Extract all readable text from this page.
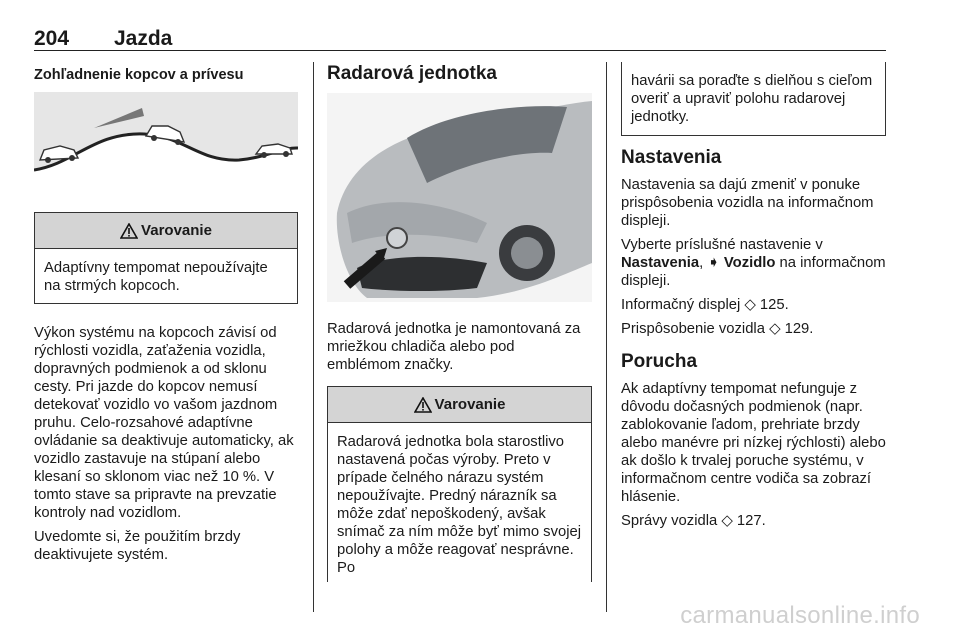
204 Jazda
Zohľadnenie kopcov a prívesu
Varovanie
Adaptívny tempomat nepoužívajte na strmých kopcoch.

Výkon systému na kopcoch závisí od rýchlosti vozidla, zaťaženia vozidla, dopravných podmienok a od sklonu cesty. Pri jazde do kopcov nemusí detekovať vozidlo vo vašom jazdnom pruhu. Celo-rozsahové adaptívne ovládanie sa deaktivuje automaticky, ak vozidlo zastavuje na stúpaní alebo klesaní so sklonom viac než 10 %. V tomto stave sa pripravte na prevzatie kontroly nad vozidlom.

Uvedomte si, že použitím brzdy deaktivujete systém.

Radarová jednotka

Radarová jednotka je namontovaná za mriežkou chladiča alebo pod emblémom značky.

Varovanie
Radarová jednotka bola starostlivo nastavená počas výroby. Preto v prípade čelného nárazu systém nepoužívajte. Predný nárazník sa môže zdať nepoškodený, avšak snímač za ním môže byť mimo svojej polohy a môže reagovať nesprávne. Po
havárii sa poraďte s dielňou s cieľom overiť a upraviť polohu radarovej jednotky.
Nastavenia

Nastavenia sa dajú zmeniť v ponuke prispôsobenia vozidla na informačnom displeji.

Vyberte príslušné nastavenie v Nastavenia, ➧ Vozidlo na informačnom displeji.

Informačný displej ◇ 125.

Prispôsobenie vozidla ◇ 129.

Porucha

Ak adaptívny tempomat nefunguje z dôvodu dočasných podmienok (napr. zablokovanie ľadom, prehriate brzdy alebo manévre pri nízkej rýchlosti) alebo ak došlo k trvalej poruche systému, v informačnom centre vodiča sa zobrazí hlásenie.

Správy vozidla ◇ 127.

carmanualsonline.info
